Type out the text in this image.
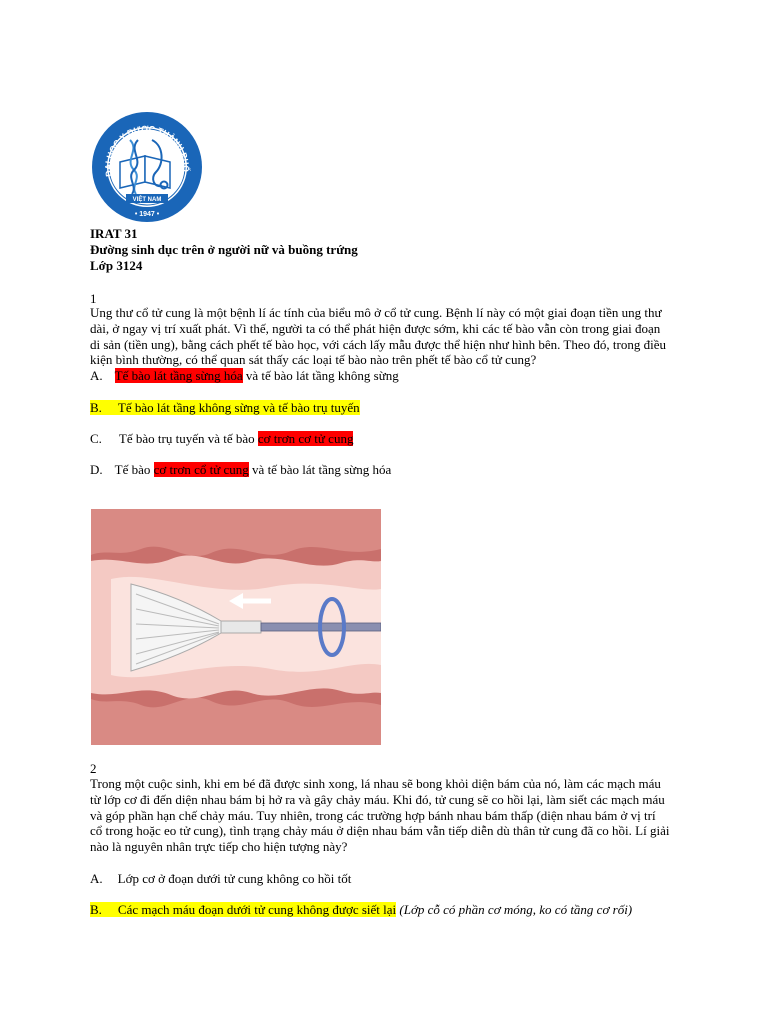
ĐẠI HỌC Y DƯỢC THÀNH PHỐ
VIỆT NAM
• 1947 •
IRAT 31
Đường sinh dục trên ở người nữ và buồng trứng
Lớp 3124
1
Ung thư cổ tử cung là một bệnh lí ác tính của biểu mô ở cổ tử cung. Bệnh lí này có một giai đoạn tiền ung thư
dài, ở ngay vị trí xuất phát. Vì thế, người ta có thể phát hiện được sớm, khi các tế bào vẫn còn trong giai đoạn
di sản (tiền ung), bằng cách phết tế bào học, với cách lấy mẫu được thể hiện như hình bên. Theo đó, trong điều
kiện bình thường, có thể quan sát thấy các loại tế bào nào trên phết tế bào cổ tử cung?
A. Tế bào lát tầng sừng hóa và tế bào lát tầng không sừng
B. Tế bào lát tầng không sừng và tế bào trụ tuyến
C. Tế bào trụ tuyến và tế bào cơ trơn cơ tử cung
D. Tế bào cơ trơn cổ tử cung và tế bào lát tầng sừng hóa
2
Trong một cuộc sinh, khi em bé đã được sinh xong, lá nhau sẽ bong khỏi diện bám của nó, làm các mạch máu
từ lớp cơ đi đến diện nhau bám bị hở ra và gây chảy máu. Khi đó, tử cung sẽ co hồi lại, làm siết các mạch máu
và góp phần hạn chế chảy máu. Tuy nhiên, trong các trường hợp bánh nhau bám thấp (diện nhau bám ở vị trí
cổ trong hoặc eo tử cung), tình trạng chảy máu ở diện nhau bám vẫn tiếp diễn dù thân tử cung đã co hồi. Lí giải
nào là nguyên nhân trực tiếp cho hiện tượng này?
A. Lớp cơ ở đoạn dưới tử cung không co hồi tốt
B. Các mạch máu đoạn dưới tử cung không được siết lại (Lớp cỗ có phần cơ móng, ko có tầng cơ rối)
